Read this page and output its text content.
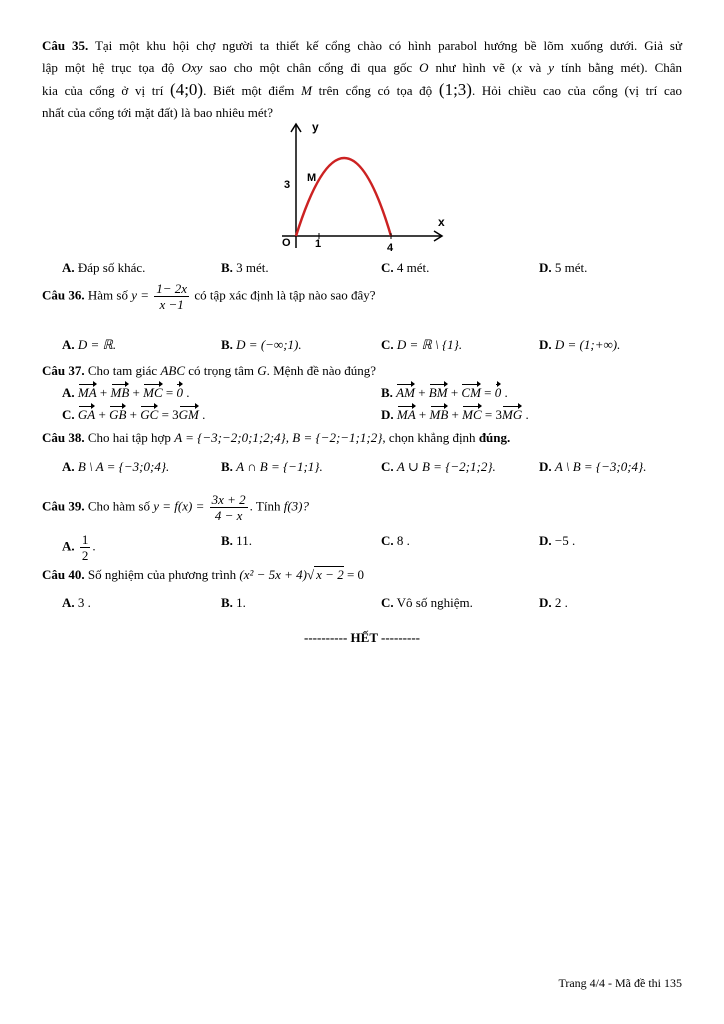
Câu 35. Tại một khu hội chợ người ta thiết kế cổng chào có hình parabol hướng bề lõm xuống dưới. Giả sử
lập một hệ trục tọa độ Oxy sao cho một chân cổng đi qua gốc O như hình vẽ (x và y tính bằng mét). Chân
kia của cổng ở vị trí (4;0). Biết một điểm M trên cổng có tọa độ (1;3). Hỏi chiều cao của cổng (vị trí cao
nhất của cổng tới mặt đất) là bao nhiêu mét?
y
x
O 1	4
3
M
A. Đáp số khác.	B. 3 mét.	C. 4 mét.	D. 5 mét.
Câu 36. Hàm số $y = \frac{1- 2x}{x -1}$ có tập xác định là tập nào sao đây?
A. D = ℝ.	B. D = (−∞;1).	C. D = ℝ \ {1}.	D. D = (1;+∞).
Câu 37. Cho tam giác ABC có trọng tâm G. Mệnh đề nào đúng?
A. MA + MB + MC = 0 .	B. AM + BM + CM = 0 .
C. GA + GB + GC = 3GM .	D. MA + MB + MC = 3MG .
Câu 38. Cho hai tập hợp A = {−3;−2;0;1;2;4}, B = {−2;−1;1;2}, chọn khẳng định đúng.
A. B \ A = {−3;0;4}.	B. A ∩ B = {−1;1}.	C. A ∪ B = {−2;1;2}.	D. A \ B = {−3;0;4}.
Câu 39. Cho hàm số $y = f(x) = \frac{3x + 2}{4 - x}$ . Tính f(3)?
A. $\frac{1}{2}$ .	B. 11.	C. 8 .	D. −5 .
Câu 40. Số nghiệm của phương trình (x² − 5x + 4)√ x − 2 = 0
A. 3 .	B. 1.	C. Vô số nghiệm.	D. 2 .
---------- HẾT ---------
Trang 4/4 - Mã đề thi 135
